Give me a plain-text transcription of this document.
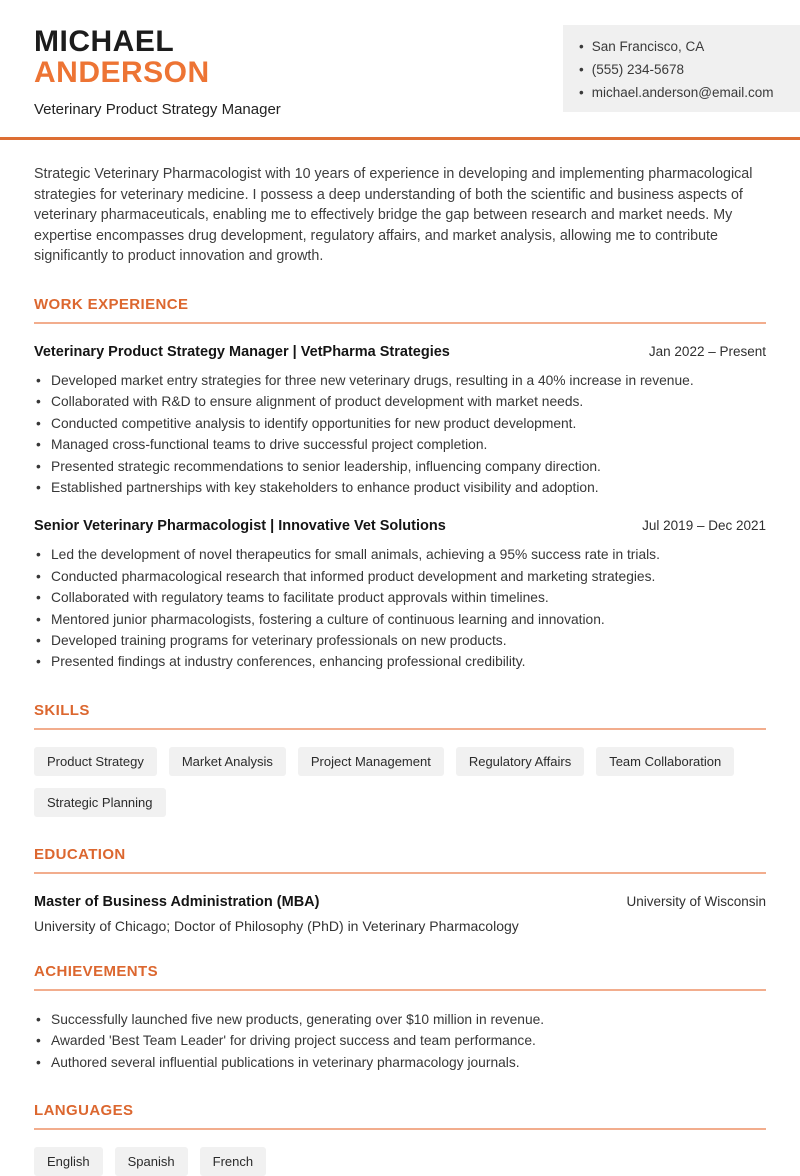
MICHAEL
ANDERSON
Veterinary Product Strategy Manager
• San Francisco, CA
• (555) 234-5678
• michael.anderson@email.com

Strategic Veterinary Pharmacologist with 10 years of experience in developing and implementing pharmacological strategies for veterinary medicine. I possess a deep understanding of both the scientific and business aspects of veterinary pharmaceuticals, enabling me to effectively bridge the gap between research and market needs. My expertise encompasses drug development, regulatory affairs, and market analysis, allowing me to contribute significantly to product innovation and growth.

WORK EXPERIENCE
Veterinary Product Strategy Manager | VetPharma Strategies	Jan 2022 – Present
• Developed market entry strategies for three new veterinary drugs, resulting in a 40% increase in revenue.
• Collaborated with R&D to ensure alignment of product development with market needs.
• Conducted competitive analysis to identify opportunities for new product development.
• Managed cross-functional teams to drive successful project completion.
• Presented strategic recommendations to senior leadership, influencing company direction.
• Established partnerships with key stakeholders to enhance product visibility and adoption.
Senior Veterinary Pharmacologist | Innovative Vet Solutions	Jul 2019 – Dec 2021
• Led the development of novel therapeutics for small animals, achieving a 95% success rate in trials.
• Conducted pharmacological research that informed product development and marketing strategies.
• Collaborated with regulatory teams to facilitate product approvals within timelines.
• Mentored junior pharmacologists, fostering a culture of continuous learning and innovation.
• Developed training programs for veterinary professionals on new products.
• Presented findings at industry conferences, enhancing professional credibility.
SKILLS
Product Strategy	Market Analysis	Project Management	Regulatory Affairs	Team Collaboration
Strategic Planning
EDUCATION
Master of Business Administration (MBA)	University of Wisconsin
University of Chicago; Doctor of Philosophy (PhD) in Veterinary Pharmacology
ACHIEVEMENTS
• Successfully launched five new products, generating over $10 million in revenue.
• Awarded 'Best Team Leader' for driving project success and team performance.
• Authored several influential publications in veterinary pharmacology journals.
LANGUAGES
English	Spanish	French
